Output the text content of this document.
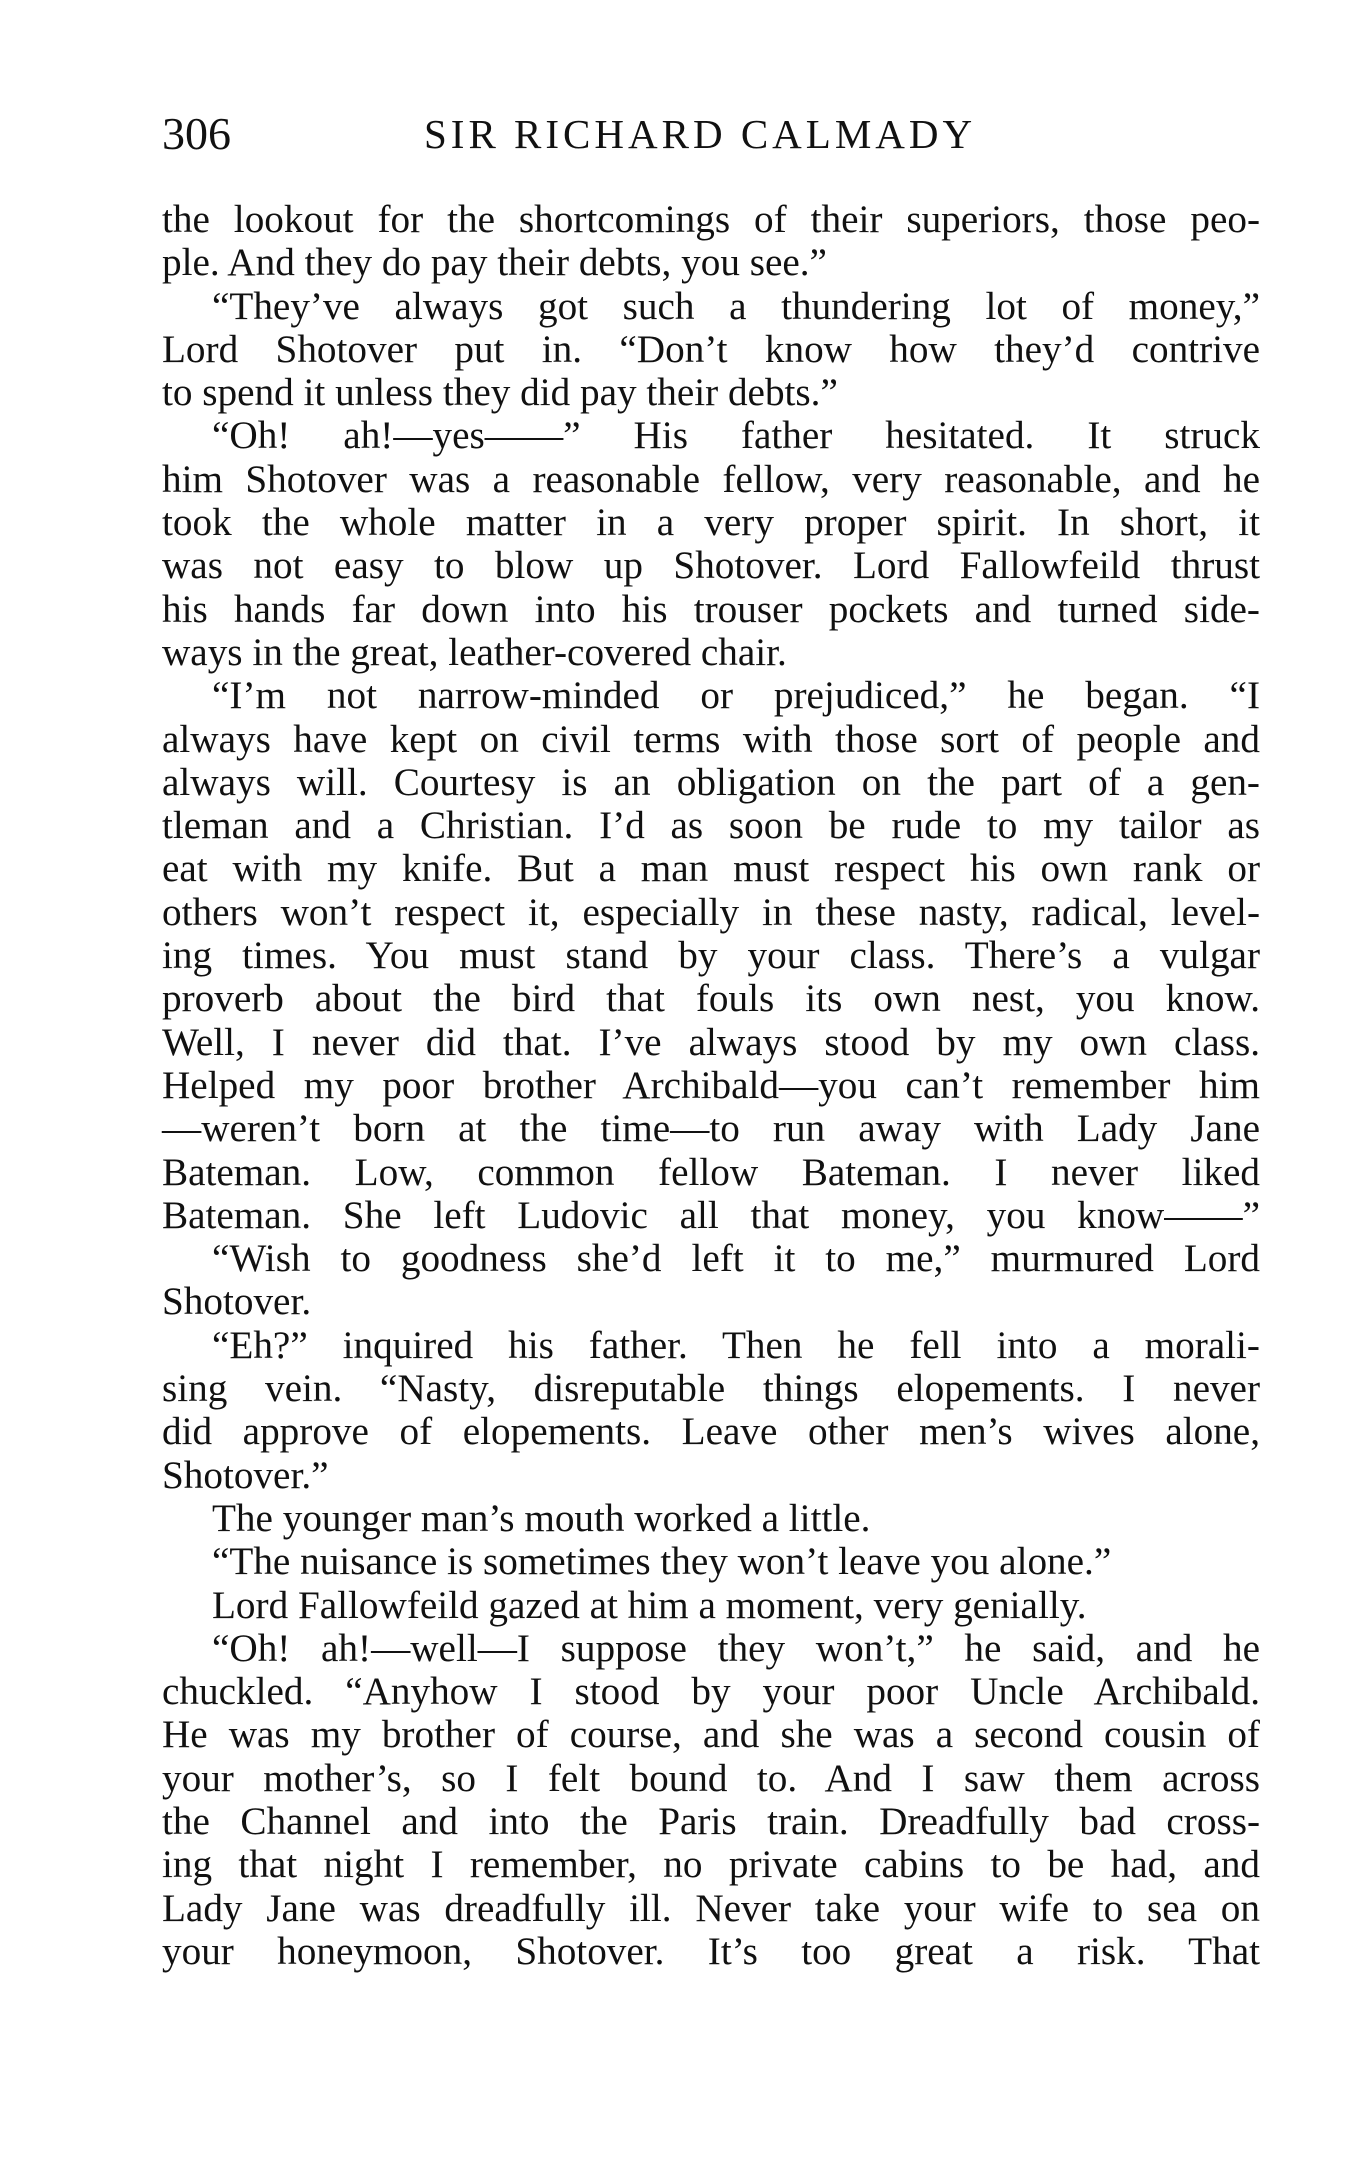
306	SIR RICHARD CALMADY
the lookout for the shortcomings of their superiors, those peo-
ple. And they do pay their debts, you see.”
“They’ve always got such a thundering lot of money,”
Lord Shotover put in. “Don’t know how they’d contrive
to spend it unless they did pay their debts.”
“Oh! ah!—yes——” His father hesitated. It struck
him Shotover was a reasonable fellow, very reasonable, and he
took the whole matter in a very proper spirit. In short, it
was not easy to blow up Shotover. Lord Fallowfeild thrust
his hands far down into his trouser pockets and turned side-
ways in the great, leather-covered chair.
“I’m not narrow-minded or prejudiced,” he began. “I
always have kept on civil terms with those sort of people and
always will. Courtesy is an obligation on the part of a gen-
tleman and a Christian. I’d as soon be rude to my tailor as
eat with my knife. But a man must respect his own rank or
others won’t respect it, especially in these nasty, radical, level-
ing times. You must stand by your class. There’s a vulgar
proverb about the bird that fouls its own nest, you know.
Well, I never did that. I’ve always stood by my own class.
Helped my poor brother Archibald—you can’t remember him
—weren’t born at the time—to run away with Lady Jane
Bateman. Low, common fellow Bateman. I never liked
Bateman. She left Ludovic all that money, you know——”
“Wish to goodness she’d left it to me,” murmured Lord
Shotover.
“Eh?” inquired his father. Then he fell into a morali-
sing vein. “Nasty, disreputable things elopements. I never
did approve of elopements. Leave other men’s wives alone,
Shotover.”
The younger man’s mouth worked a little.
“The nuisance is sometimes they won’t leave you alone.”
Lord Fallowfeild gazed at him a moment, very genially.
“Oh! ah!—well—I suppose they won’t,” he said, and he
chuckled. “Anyhow I stood by your poor Uncle Archibald.
He was my brother of course, and she was a second cousin of
your mother’s, so I felt bound to. And I saw them across
the Channel and into the Paris train. Dreadfully bad cross-
ing that night I remember, no private cabins to be had, and
Lady Jane was dreadfully ill. Never take your wife to sea on
your honeymoon, Shotover. It’s too great a risk. That
